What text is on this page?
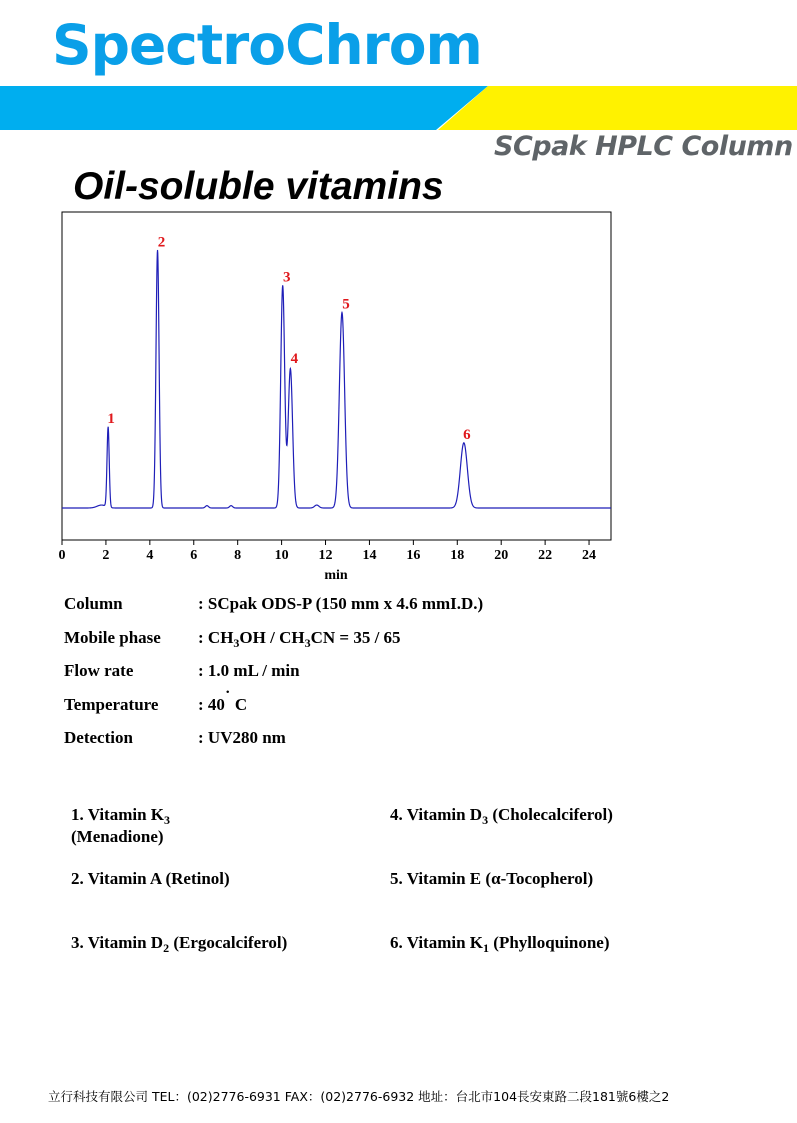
SpectroChrom
SCpak HPLC Column
Oil-soluble vitamins
1
2
3
4
5
6
0	2	4	6	8 10 12 14 16 18 20 22 24
min
Column	: SCpak ODS-P (150 mm x 4.6 mmI.D.)
Mobile phase : $CH_3OH / CH_3CN = 35 / 65$
Flow rate	: 1.0 mL / min
Temperature : 40˙ C
Detection	: UV280 nm
1. Vitamin $K_3$
(Menadione)
2. Vitamin A (Retinol)
3. Vitamin $D_2$ (Ergocalciferol)
4. Vitamin $D_3$ (Cholecalciferol)
5. Vitamin E (α-Tocopherol)
6. Vitamin $K_1$ (Phylloquinone)
立行科技有限公司 TEL：(02)2776-6931 FAX：(02)2776-6932 地址：台北市104長安東路二段181號6樓之2
